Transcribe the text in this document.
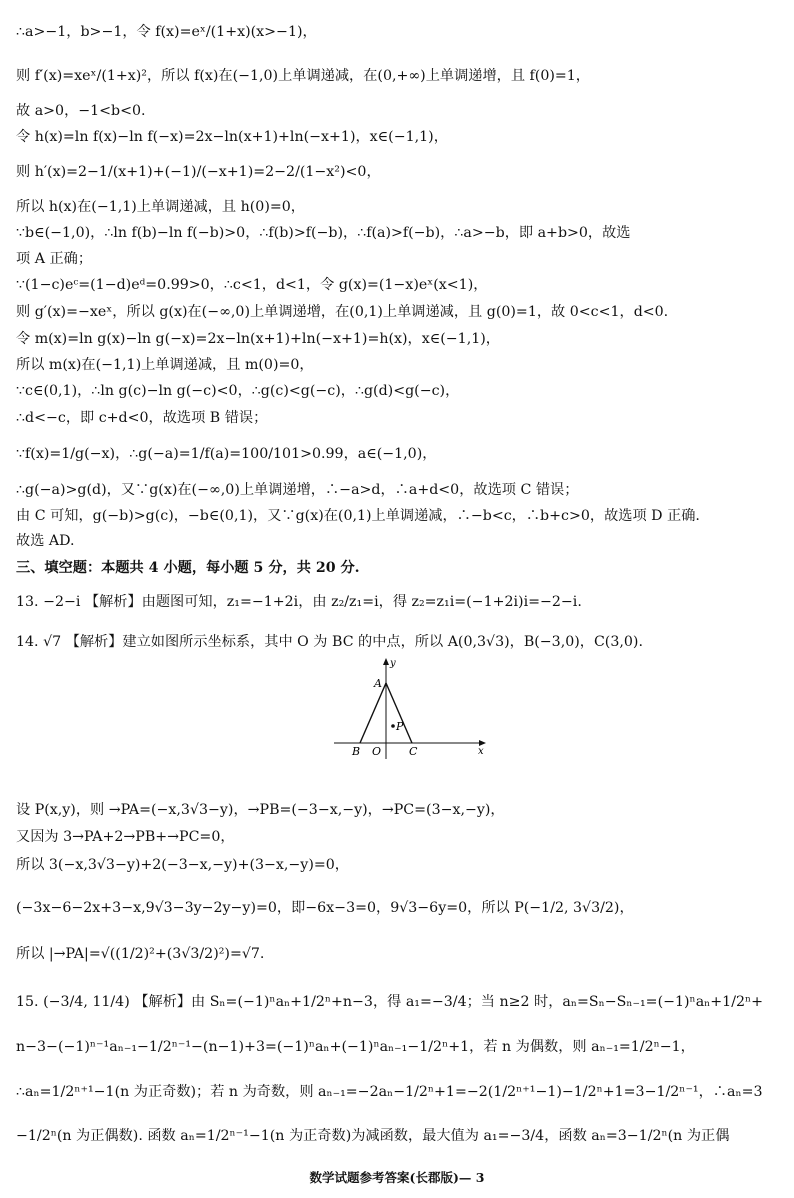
∴a>−1，b>−1，令 f(x)=eˣ/(1+x)(x>−1)，
则 f′(x)=xeˣ/(1+x)²，所以 f(x)在(−1,0)上单调递减，在(0,+∞)上单调递增，且 f(0)=1，
故 a>0，−1<b<0.
令 h(x)=ln f(x)−ln f(−x)=2x−ln(x+1)+ln(−x+1)，x∈(−1,1)，
则 h′(x)=2−1/(x+1)+(−1)/(−x+1)=2−2/(1−x²)<0，
所以 h(x)在(−1,1)上单调递减，且 h(0)=0，
∵b∈(−1,0)，∴ln f(b)−ln f(−b)>0，∴f(b)>f(−b)，∴f(a)>f(−b)，∴a>−b，即 a+b>0，故选
项 A 正确；
∵(1−c)eᶜ=(1−d)eᵈ=0.99>0，∴c<1，d<1，令 g(x)=(1−x)eˣ(x<1)，
则 g′(x)=−xeˣ，所以 g(x)在(−∞,0)上单调递增，在(0,1)上单调递减，且 g(0)=1，故 0<c<1，d<0.
令 m(x)=ln g(x)−ln g(−x)=2x−ln(x+1)+ln(−x+1)=h(x)，x∈(−1,1)，
所以 m(x)在(−1,1)上单调递减，且 m(0)=0，
∵c∈(0,1)，∴ln g(c)−ln g(−c)<0，∴g(c)<g(−c)，∴g(d)<g(−c)，
∴d<−c，即 c+d<0，故选项 B 错误；
∵f(x)=1/g(−x)，∴g(−a)=1/f(a)=100/101>0.99，a∈(−1,0)，
∴g(−a)>g(d)，又∵g(x)在(−∞,0)上单调递增，∴−a>d，∴a+d<0，故选项 C 错误；
由 C 可知，g(−b)>g(c)，−b∈(0,1)，又∵g(x)在(0,1)上单调递减，∴−b<c，∴b+c>0，故选项 D 正确.
故选 AD.
三、填空题：本题共 4 小题，每小题 5 分，共 20 分.
13. −2−i 【解析】由题图可知，z₁=−1+2i，由 z₂/z₁=i，得 z₂=z₁i=(−1+2i)i=−2−i.
14. √7 【解析】建立如图所示坐标系，其中 O 为 BC 的中点，所以 A(0,3√3)，B(−3,0)，C(3,0).
y
A
P
B O	C	x
设 P(x,y)，则 →PA=(−x,3√3−y)，→PB=(−3−x,−y)，→PC=(3−x,−y)，
又因为 3→PA+2→PB+→PC=0，
所以 3(−x,3√3−y)+2(−3−x,−y)+(3−x,−y)=0，
(−3x−6−2x+3−x,9√3−3y−2y−y)=0，即−6x−3=0，9√3−6y=0，所以 P(−1/2, 3√3/2)，
所以 |→PA|=√((1/2)²+(3√3/2)²)=√7.
15. (−3/4, 11/4) 【解析】由 Sₙ=(−1)ⁿaₙ+1/2ⁿ+n−3，得 a₁=−3/4；当 n≥2 时，aₙ=Sₙ−Sₙ₋₁=(−1)ⁿaₙ+1/2ⁿ+
n−3−(−1)ⁿ⁻¹aₙ₋₁−1/2ⁿ⁻¹−(n−1)+3=(−1)ⁿaₙ+(−1)ⁿaₙ₋₁−1/2ⁿ+1，若 n 为偶数，则 aₙ₋₁=1/2ⁿ−1，
∴aₙ=1/2ⁿ⁺¹−1(n 为正奇数)；若 n 为奇数，则 aₙ₋₁=−2aₙ−1/2ⁿ+1=−2(1/2ⁿ⁺¹−1)−1/2ⁿ+1=3−1/2ⁿ⁻¹，∴aₙ=3
−1/2ⁿ(n 为正偶数). 函数 aₙ=1/2ⁿ⁻¹−1(n 为正奇数)为减函数，最大值为 a₁=−3/4，函数 aₙ=3−1/2ⁿ(n 为正偶
数学试题参考答案(长郡版)— 3
